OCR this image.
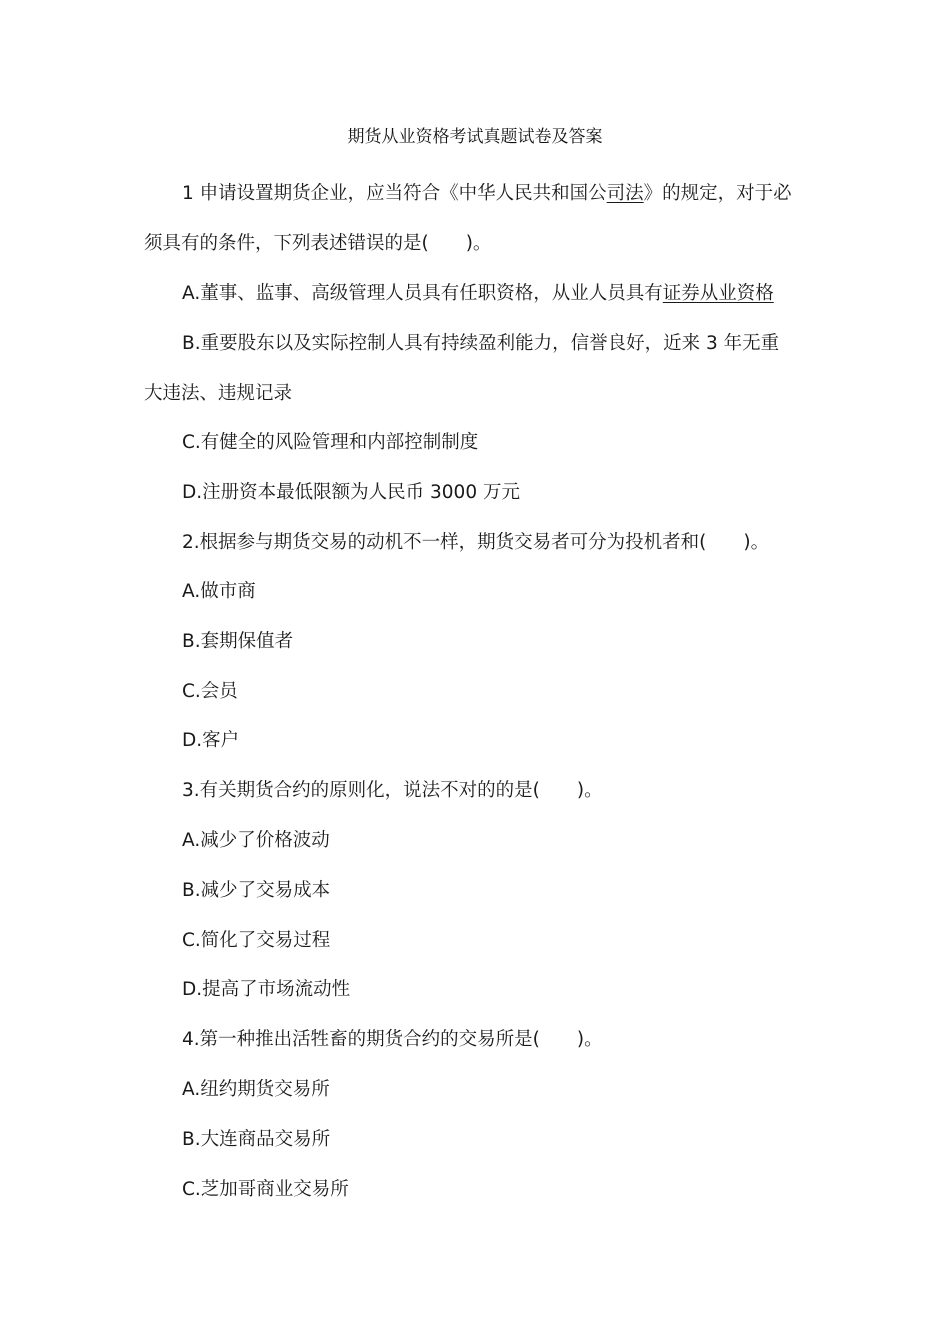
期货从业资格考试真题试卷及答案

1 申请设置期货企业，应当符合《中华人民共和国公司法》的规定，对于必须具有的条件，下列表述错误的是(　　)。

A.董事、监事、高级管理人员具有任职资格，从业人员具有证券从业资格

B.重要股东以及实际控制人具有持续盈利能力，信誉良好，近来 3 年无重大违法、违规记录

C.有健全的风险管理和内部控制制度

D.注册资本最低限额为人民币 3000 万元

2.根据参与期货交易的动机不一样，期货交易者可分为投机者和(　　)。

A.做市商

B.套期保值者

C.会员

D.客户

3.有关期货合约的原则化，说法不对的的是(　　)。

A.减少了价格波动

B.减少了交易成本

C.简化了交易过程

D.提高了市场流动性

4.第一种推出活牲畜的期货合约的交易所是(　　)。

A.纽约期货交易所

B.大连商品交易所

C.芝加哥商业交易所
